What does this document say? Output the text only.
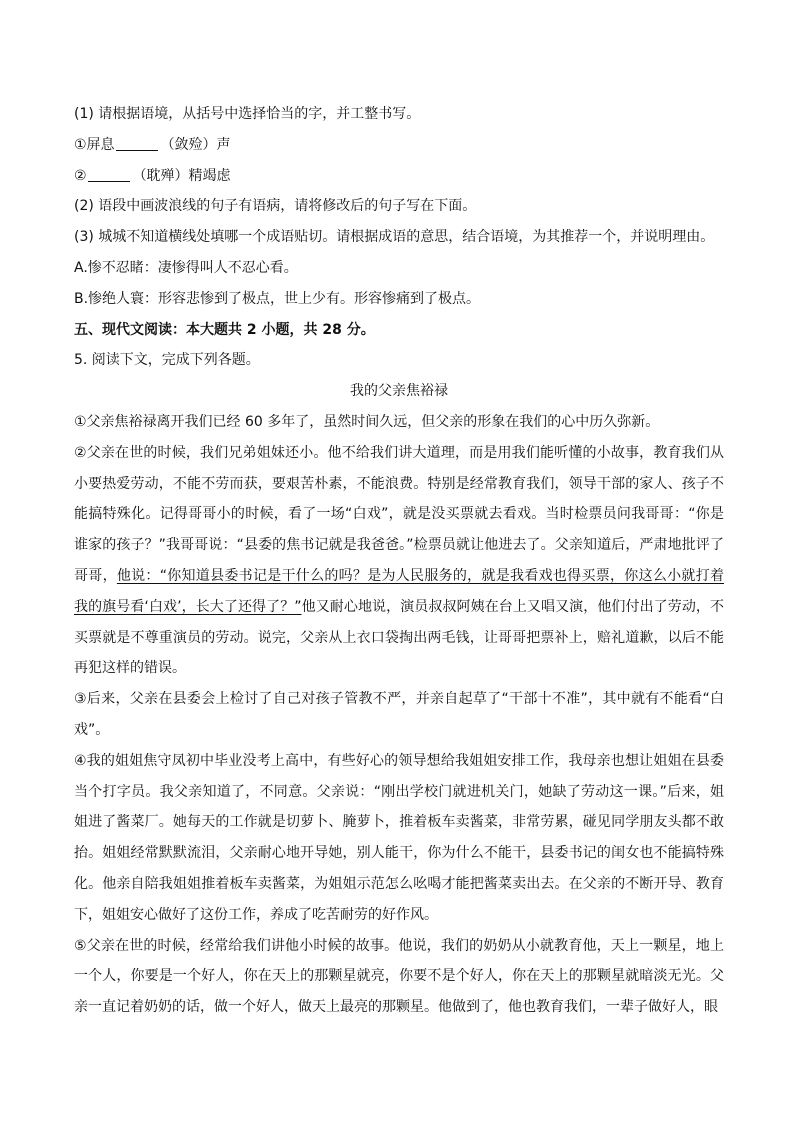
(1) 请根据语境，从括号中选择恰当的字，并工整书写。
①屏息	（敛殓）声
②	（耽殚）精竭虑
(2) 语段中画波浪线的句子有语病，请将修改后的句子写在下面。
(3) 城城不知道横线处填哪一个成语贴切。请根据成语的意思，结合语境，为其推荐一个，并说明理由。
A.惨不忍睹：凄惨得叫人不忍心看。
B.惨绝人寰：形容悲惨到了极点，世上少有。形容惨痛到了极点。
五、现代文阅读：本大题共 2 小题，共 28 分。
5. 阅读下文，完成下列各题。
我的父亲焦裕禄

①父亲焦裕禄离开我们已经 60 多年了，虽然时间久远，但父亲的形象在我们的心中历久弥新。

②父亲在世的时候，我们兄弟姐妹还小。他不给我们讲大道理，而是用我们能听懂的小故事，教育我们从小要热爱劳动，不能不劳而获，要艰苦朴素，不能浪费。特别是经常教育我们，领导干部的家人、孩子不能搞特殊化。记得哥哥小的时候，看了一场“白戏”，就是没买票就去看戏。当时检票员问我哥哥：“你是谁家的孩子？”我哥哥说：“县委的焦书记就是我爸爸。”检票员就让他进去了。父亲知道后，严肃地批评了哥哥，他说：“你知道县委书记是干什么的吗？是为人民服务的，就是我看戏也得买票，你这么小就打着我的旗号看‘白戏’，长大了还得了？”他又耐心地说，演员叔叔阿姨在台上又唱又演，他们付出了劳动，不买票就是不尊重演员的劳动。说完，父亲从上衣口袋掏出两毛钱，让哥哥把票补上，赔礼道歉，以后不能再犯这样的错误。

③后来，父亲在县委会上检讨了自己对孩子管教不严，并亲自起草了“干部十不准”，其中就有不能看“白戏”。

④我的姐姐焦守凤初中毕业没考上高中，有些好心的领导想给我姐姐安排工作，我母亲也想让姐姐在县委当个打字员。我父亲知道了，不同意。父亲说：“刚出学校门就进机关门，她缺了劳动这一课。”后来，姐姐进了酱菜厂。她每天的工作就是切萝卜、腌萝卜，推着板车卖酱菜，非常劳累，碰见同学朋友头都不敢抬。姐姐经常默默流泪，父亲耐心地开导她，别人能干，你为什么不能干，县委书记的闺女也不能搞特殊化。他亲自陪我姐姐推着板车卖酱菜，为姐姐示范怎么吆喝才能把酱菜卖出去。在父亲的不断开导、教育下，姐姐安心做好了这份工作，养成了吃苦耐劳的好作风。

⑤父亲在世的时候，经常给我们讲他小时候的故事。他说，我们的奶奶从小就教育他，天上一颗星，地上一个人，你要是一个好人，你在天上的那颗星就亮，你要不是个好人，你在天上的那颗星就暗淡无光。父亲一直记着奶奶的话，做一个好人，做天上最亮的那颗星。他做到了，他也教育我们，一辈子做好人，眼
